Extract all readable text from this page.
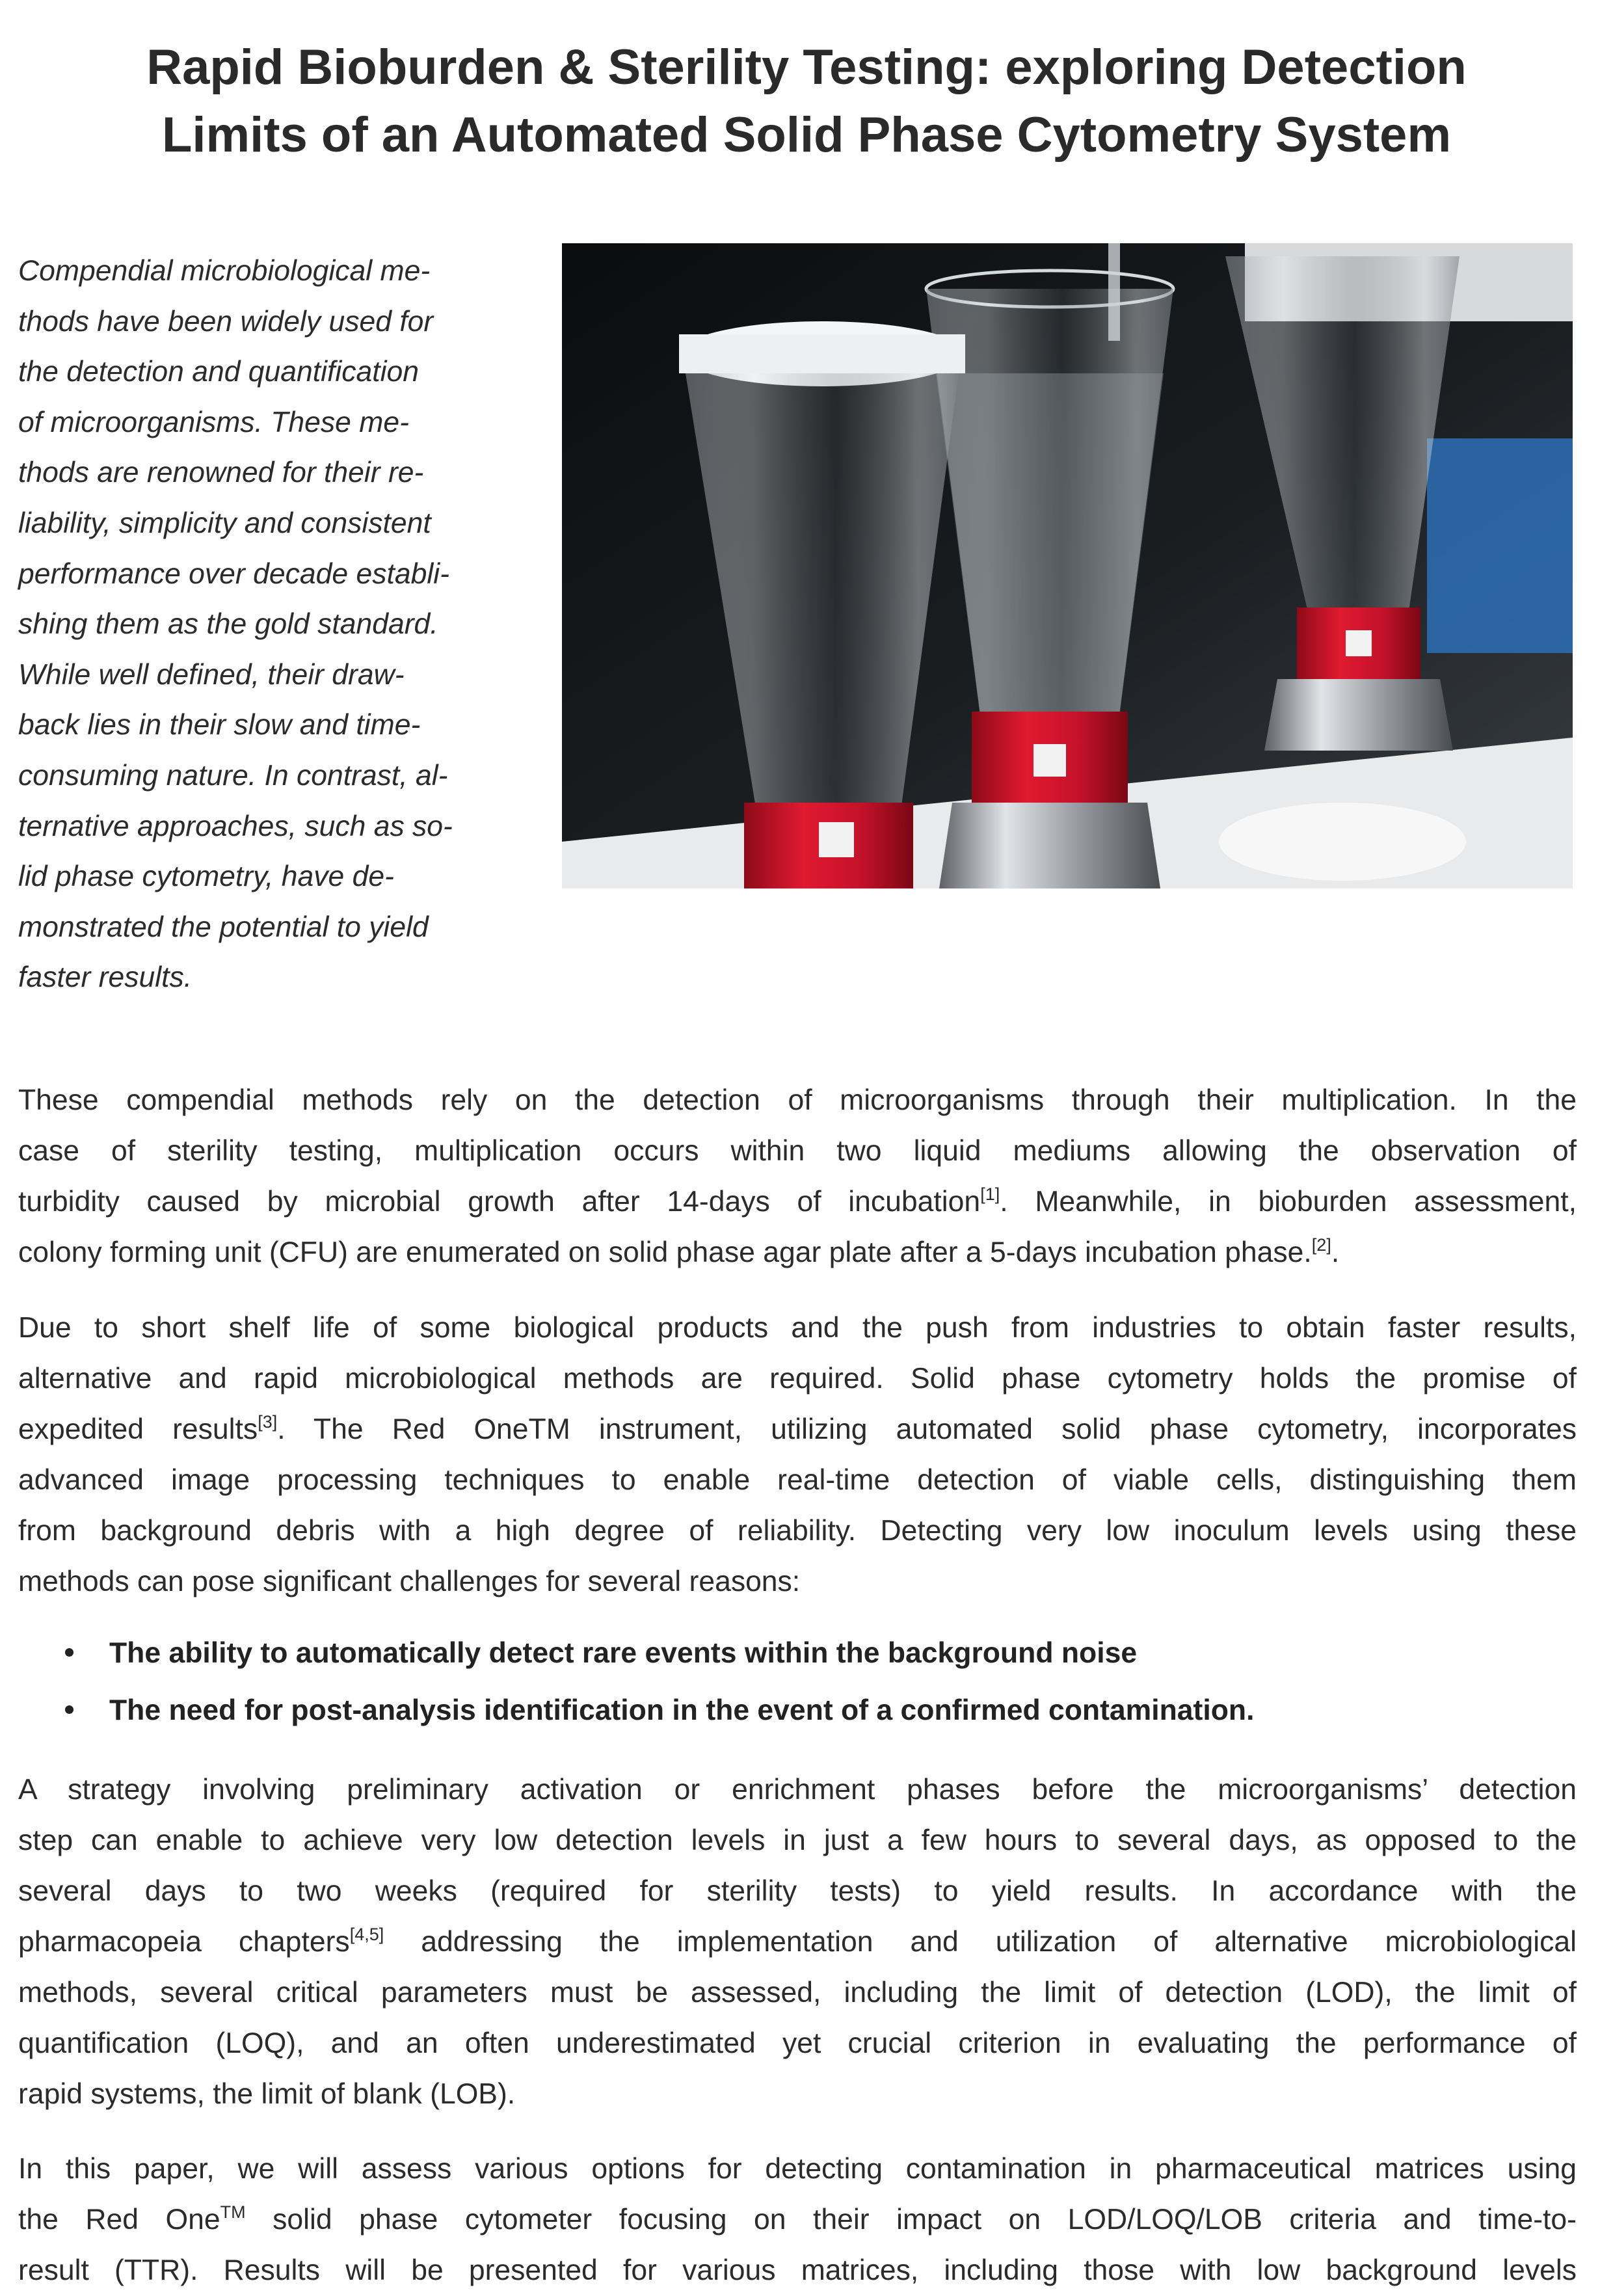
Rapid Bioburden & Sterility Testing: exploring Detection
Limits of an Automated Solid Phase Cytometry System
Compendial microbiological me-
thods have been widely used for
the detection and quantification
of microorganisms. These me-
thods are renowned for their re-
liability, simplicity and consistent
performance over decade establi-
shing them as the gold standard.
While well defined, their draw-
back lies in their slow and time-
consuming nature. In contrast, al-
ternative approaches, such as so-
lid phase cytometry, have de-
monstrated the potential to yield
faster results.
These compendial methods rely on the detection of microorganisms through their multiplication. In the
case of sterility testing, multiplication occurs within two liquid mediums allowing the observation of
turbidity caused by microbial growth after 14-days of incubation[1]. Meanwhile, in bioburden assessment,
colony forming unit (CFU) are enumerated on solid phase agar plate after a 5-days incubation phase.[2].
Due to short shelf life of some biological products and the push from industries to obtain faster results,
alternative and rapid microbiological methods are required. Solid phase cytometry holds the promise of
expedited results[3]. The Red OneTM instrument, utilizing automated solid phase cytometry, incorporates
advanced image processing techniques to enable real-time detection of viable cells, distinguishing them
from background debris with a high degree of reliability. Detecting very low inoculum levels using these
methods can pose significant challenges for several reasons:
The ability to automatically detect rare events within the background noise
The need for post-analysis identification in the event of a confirmed contamination.
A strategy involving preliminary activation or enrichment phases before the microorganisms’ detection
step can enable to achieve very low detection levels in just a few hours to several days, as opposed to the
several days to two weeks (required for sterility tests) to yield results. In accordance with the
pharmacopeia chapters[4,5] addressing the implementation and utilization of alternative microbiological
methods, several critical parameters must be assessed, including the limit of detection (LOD), the limit of
quantification (LOQ), and an often underestimated yet crucial criterion in evaluating the performance of
rapid systems, the limit of blank (LOB).
In this paper, we will assess various options for detecting contamination in pharmaceutical matrices using
the Red One™ solid phase cytometer focusing on their impact on LOD/LOQ/LOB criteria and time-to-
result (TTR). Results will be presented for various matrices, including those with low background levels
